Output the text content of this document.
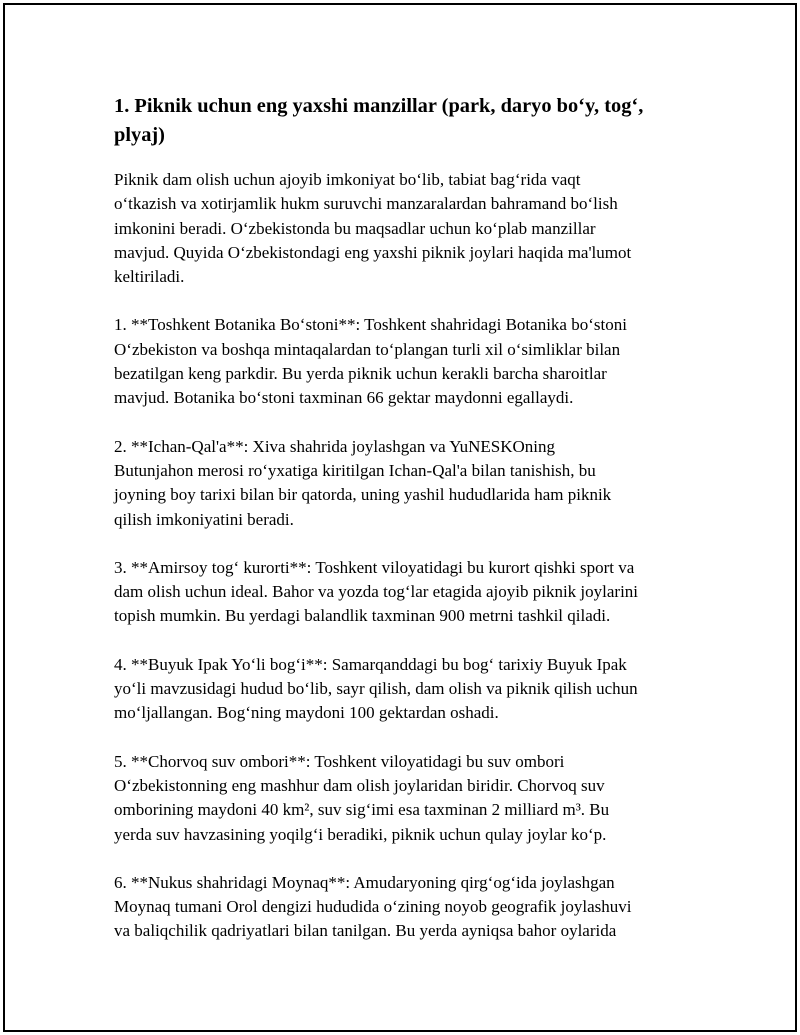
1. Piknik uchun eng yaxshi manzillar (park, daryo boʻy, togʻ,
plyaj)

Piknik dam olish uchun ajoyib imkoniyat boʻlib, tabiat bagʻrida vaqt
oʻtkazish va xotirjamlik hukm suruvchi manzaralardan bahramand boʻlish
imkonini beradi. Oʻzbekistonda bu maqsadlar uchun koʻplab manzillar
mavjud. Quyida Oʻzbekistondagi eng yaxshi piknik joylari haqida ma'lumot
keltiriladi.

1. **Toshkent Botanika Boʻstoni**: Toshkent shahridagi Botanika boʻstoni
Oʻzbekiston va boshqa mintaqalardan toʻplangan turli xil oʻsimliklar bilan
bezatilgan keng parkdir. Bu yerda piknik uchun kerakli barcha sharoitlar
mavjud. Botanika boʻstoni taxminan 66 gektar maydonni egallaydi.

2. **Ichan-Qal'a**: Xiva shahrida joylashgan va YuNESKOning
Butunjahon merosi roʻyxatiga kiritilgan Ichan-Qal'a bilan tanishish, bu
joyning boy tarixi bilan bir qatorda, uning yashil hududlarida ham piknik
qilish imkoniyatini beradi.

3. **Amirsoy togʻ kurorti**: Toshkent viloyatidagi bu kurort qishki sport va
dam olish uchun ideal. Bahor va yozda togʻlar etagida ajoyib piknik joylarini
topish mumkin. Bu yerdagi balandlik taxminan 900 metrni tashkil qiladi.

4. **Buyuk Ipak Yoʻli bogʻi**: Samarqanddagi bu bogʻ tarixiy Buyuk Ipak
yoʻli mavzusidagi hudud boʻlib, sayr qilish, dam olish va piknik qilish uchun
moʻljallangan. Bogʻning maydoni 100 gektardan oshadi.

5. **Chorvoq suv ombori**: Toshkent viloyatidagi bu suv ombori
Oʻzbekistonning eng mashhur dam olish joylaridan biridir. Chorvoq suv
omborining maydoni 40 km², suv sigʻimi esa taxminan 2 milliard m³. Bu
yerda suv havzasining yoqilgʻi beradiki, piknik uchun qulay joylar koʻp.

6. **Nukus shahridagi Moynaq**: Amudaryoning qirgʻogʻida joylashgan
Moynaq tumani Orol dengizi hududida oʻzining noyob geografik joylashuvi
va baliqchilik qadriyatlari bilan tanilgan. Bu yerda ayniqsa bahor oylarida
